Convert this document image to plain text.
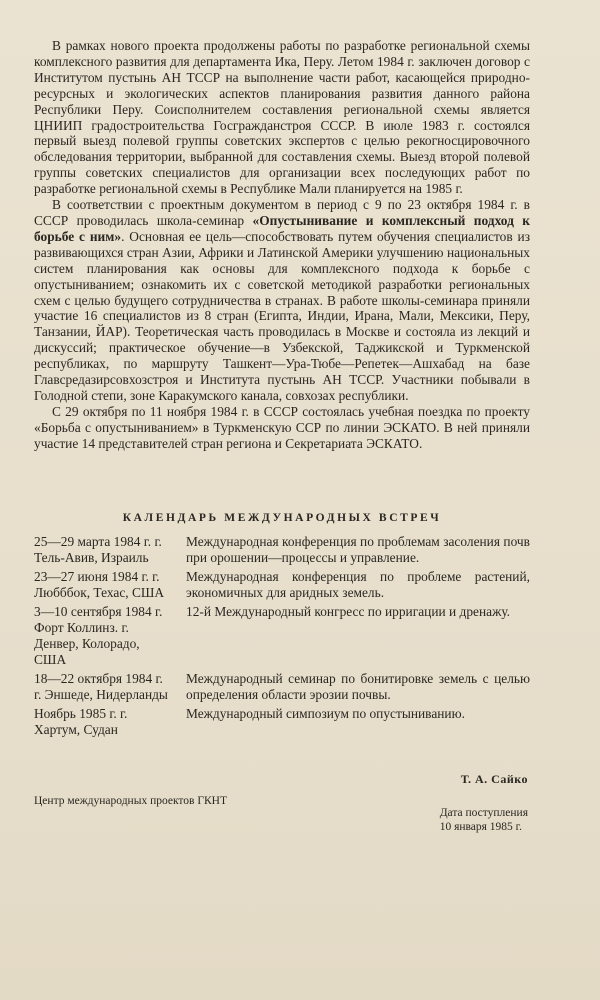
В рамках нового проекта продолжены работы по разработке региональной схемы комплексного развития для департамента Ика, Перу. Летом 1984 г. заключен договор с Институтом пустынь АН ТССР на выполнение части работ, касающейся природно-ресурсных и экологических аспектов планирования развития данного района Республики Перу. Соисполнителем составления региональной схемы является ЦНИИП градостроительства Госгражданстроя СССР. В июле 1983 г. состоялся первый выезд полевой группы советских экспертов с целью рекогносцировочного обследования территории, выбранной для составления схемы. Выезд второй полевой группы советских специалистов для организации всех последующих работ по разработке региональной схемы в Республике Мали планируется на 1985 г.

В соответствии с проектным документом в период с 9 по 23 октября 1984 г. в СССР проводилась школа-семинар «Опустынивание и комплексный подход к борьбе с ним». Основная ее цель—способствовать путем обучения специалистов из развивающихся стран Азии, Африки и Латинской Америки улучшению национальных систем планирования как основы для комплексного подхода к борьбе с опустыниванием; ознакомить их с советской методикой разработки региональных схем с целью будущего сотрудничества в странах. В работе школы-семинара приняли участие 16 специалистов из 8 стран (Египта, Индии, Ирана, Мали, Мексики, Перу, Танзании, ЙАР). Теоретическая часть проводилась в Москве и состояла из лекций и дискуссий; практическое обучение—в Узбекской, Таджикской и Туркменской республиках, по маршруту Ташкент—Ура-Тюбе—Репетек—Ашхабад на базе Главсредазирсовхозстроя и Института пустынь АН ТССР. Участники побывали в Голодной степи, зоне Каракумского канала, совхозах республики.

С 29 октября по 11 ноября 1984 г. в СССР состоялась учебная поездка по проекту «Борьба с опустыниванием» в Туркменскую ССР по линии ЭСКАТО. В ней приняли участие 14 представителей стран региона и Секретариата ЭСКАТО.

КАЛЕНДАРЬ МЕЖДУНАРОДНЫХ ВСТРЕЧ
25—29 марта 1984 г. г. Тель-Авив, Израиль
Международная конференция по проблемам засоления почв при орошении—процессы и управление.
23—27 июня 1984 г. г. Любббок, Техас, США
Международная конференция по проблеме растений, экономичных для аридных земель.
3—10 сентября 1984 г. Форт Коллинз. г. Денвер, Колорадо, США
12-й Международный конгресс по ирригации и дренажу.
18—22 октября 1984 г. г. Эншеде, Нидерланды
Международный семинар по бонитировке земель с целью определения области эрозии почвы.
Ноябрь 1985 г. г. Хартум, Судан
Международный симпозиум по опустыниванию.
Т. А. Сайко
Центр международных проектов ГКНТ
Дата поступления
10 января 1985 г.
